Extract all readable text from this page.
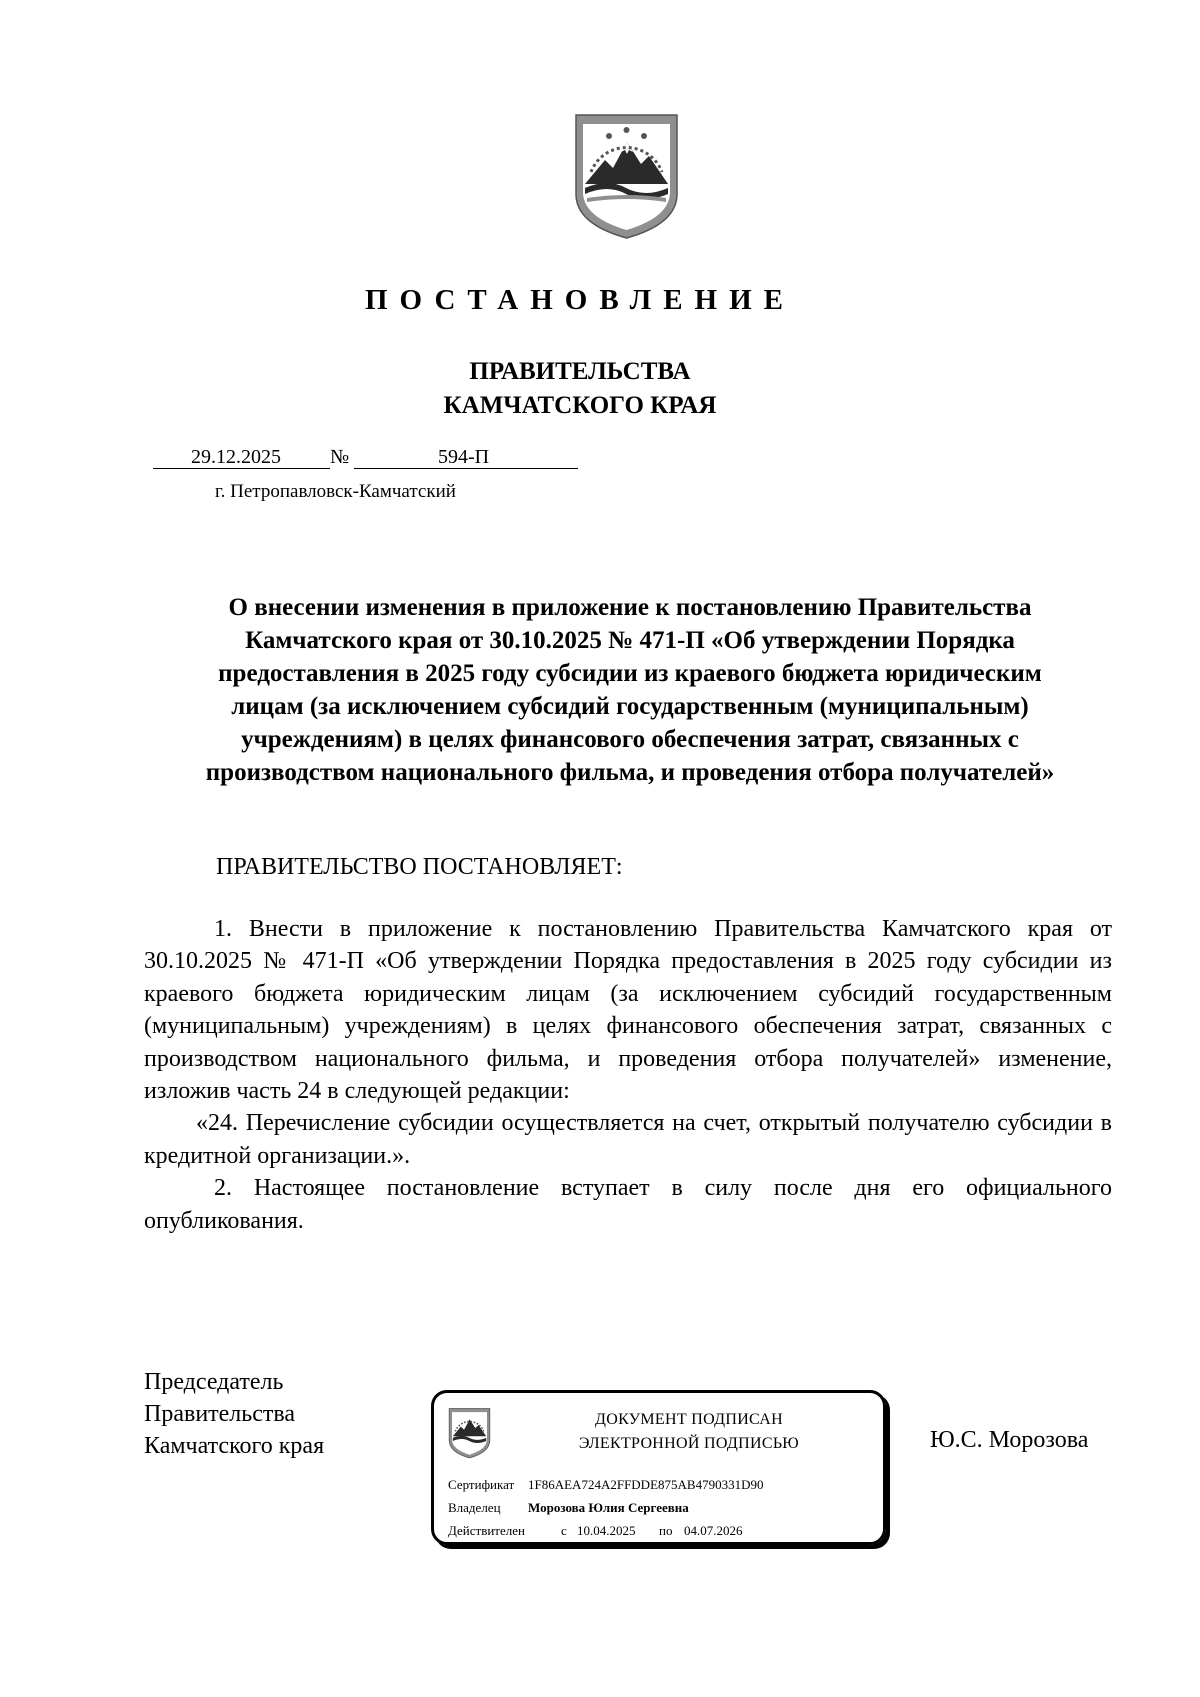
ПОСТАНОВЛЕНИЕ
ПРАВИТЕЛЬСТВА
КАМЧАТСКОГО КРАЯ
29.12.2025 №	594-П
г. Петропавловск-Камчатский
О внесении изменения в приложение к постановлению Правительства
Камчатского края от 30.10.2025 № 471-П «Об утверждении Порядка
предоставления в 2025 году субсидии из краевого бюджета юридическим
лицам (за исключением субсидий государственным (муниципальным)
учреждениям) в целях финансового обеспечения затрат, связанных с
производством национального фильма, и проведения отбора получателей»
ПРАВИТЕЛЬСТВО ПОСТАНОВЛЯЕТ:

1. Внести в приложение к постановлению Правительства Камчатского края от 30.10.2025 № 471-П «Об утверждении Порядка предоставления в 2025 году субсидии из краевого бюджета юридическим лицам (за исключением субсидий государственным (муниципальным) учреждениям) в целях финансового обеспечения затрат, связанных с производством национального фильма, и проведения отбора получателей» изменение, изложив часть 24 в следующей редакции:

«24. Перечисление субсидии осуществляется на счет, открытый получателю субсидии в кредитной организации.».

2. Настоящее постановление вступает в силу после дня его официального опубликования.

Председатель
Правительства
Камчатского края
ДОКУМЕНТ ПОДПИСАН
ЭЛЕКТРОННОЙ ПОДПИСЬЮ
Сертификат 1F86AEA724A2FFDDE875AB4790331D90
Владелец Морозова Юлия Сергеевна
Действителен	с 10.04.2025 по 04.07.2026
Ю.С. Морозова
